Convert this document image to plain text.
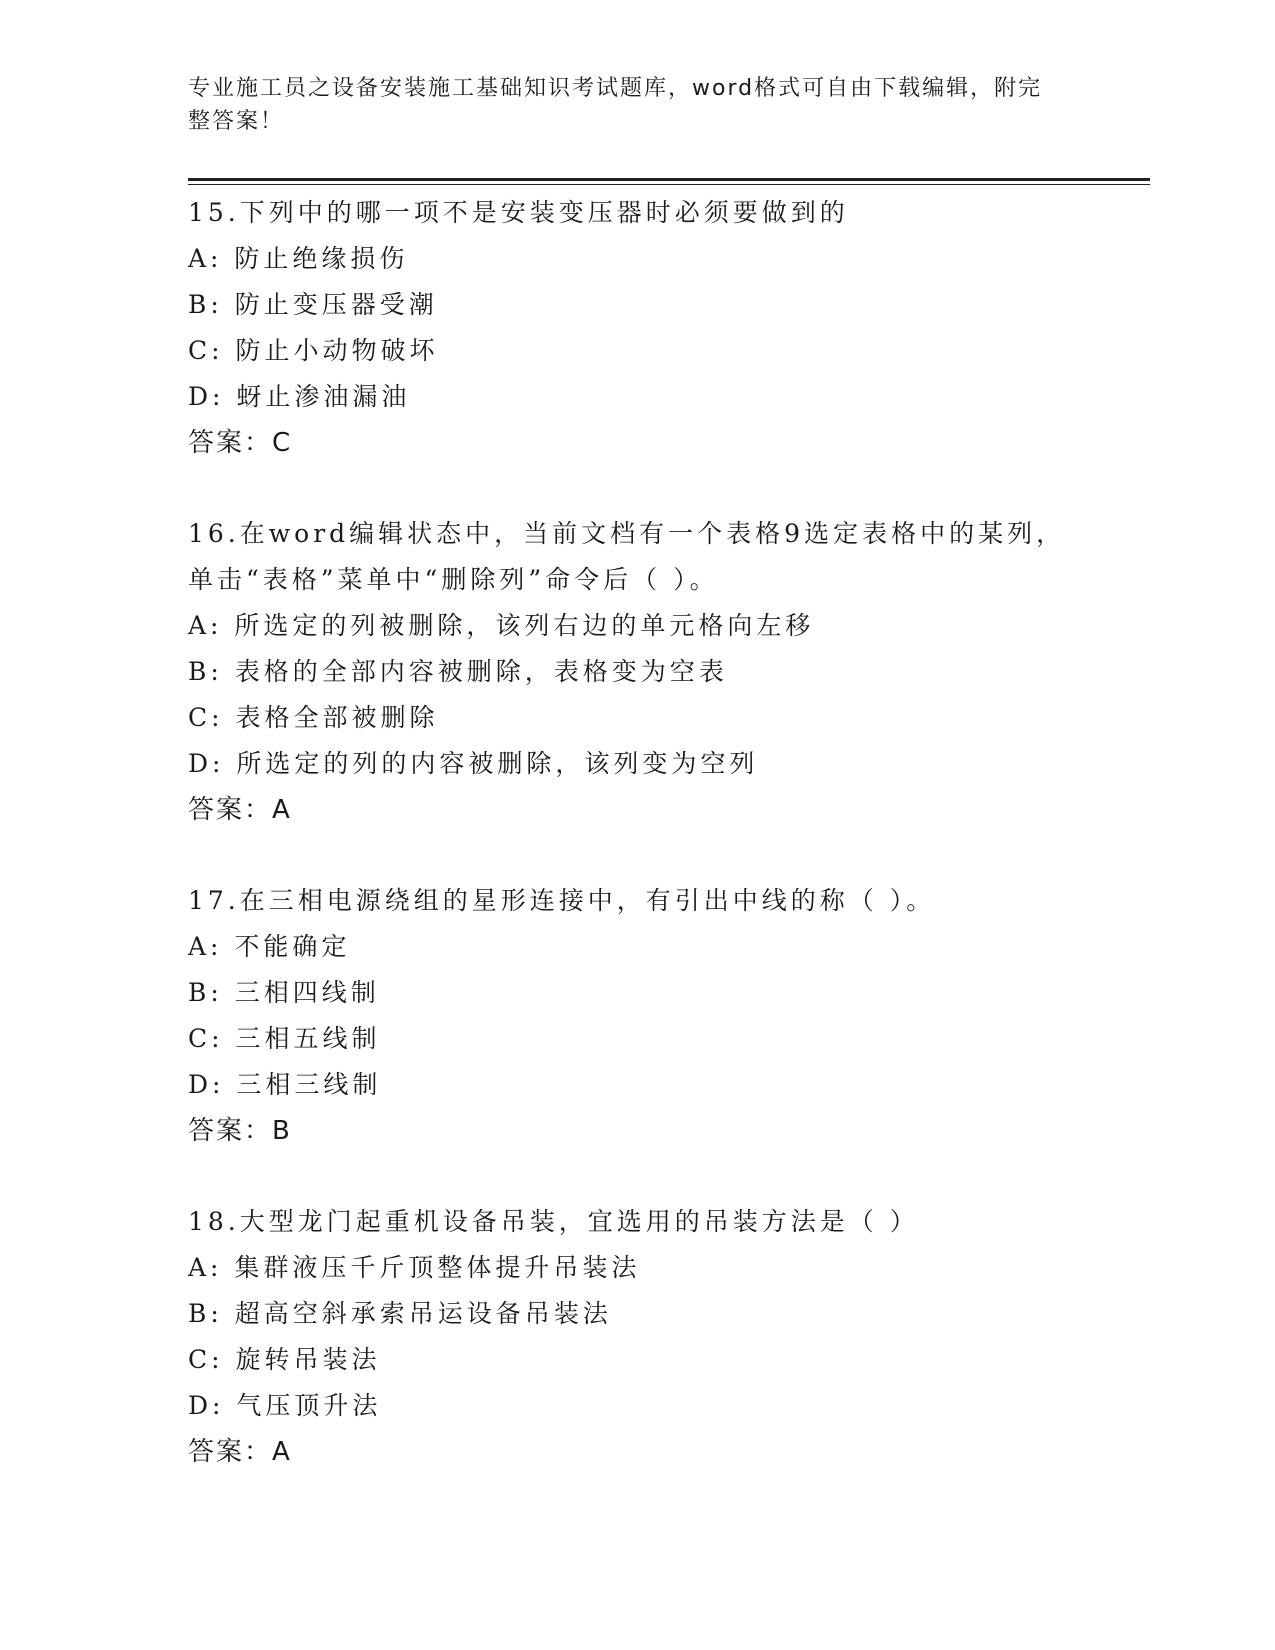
专业施工员之设备安装施工基础知识考试题库，word格式可自由下载编辑，附完
整答案！
15.下列中的哪一项不是安装变压器时必须要做到的
A: 防止绝缘损伤
B: 防止变压器受潮
C: 防止小动物破坏
D: 蚜止渗油漏油
答案：C
16.在word编辑状态中，当前文档有一个表格9选定表格中的某列，
单击“表格”菜单中“删除列”命令后（ ）。
A: 所选定的列被删除，该列右边的单元格向左移
B: 表格的全部内容被删除，表格变为空表
C: 表格全部被删除
D: 所选定的列的内容被删除，该列变为空列
答案：A
17.在三相电源绕组的星形连接中，有引出中线的称（ ）。
A: 不能确定
B: 三相四线制
C: 三相五线制
D: 三相三线制
答案：B
18.大型龙门起重机设备吊装，宜选用的吊装方法是（ ）
A: 集群液压千斤顶整体提升吊装法
B: 超高空斜承索吊运设备吊装法
C: 旋转吊装法
D: 气压顶升法
答案：A
